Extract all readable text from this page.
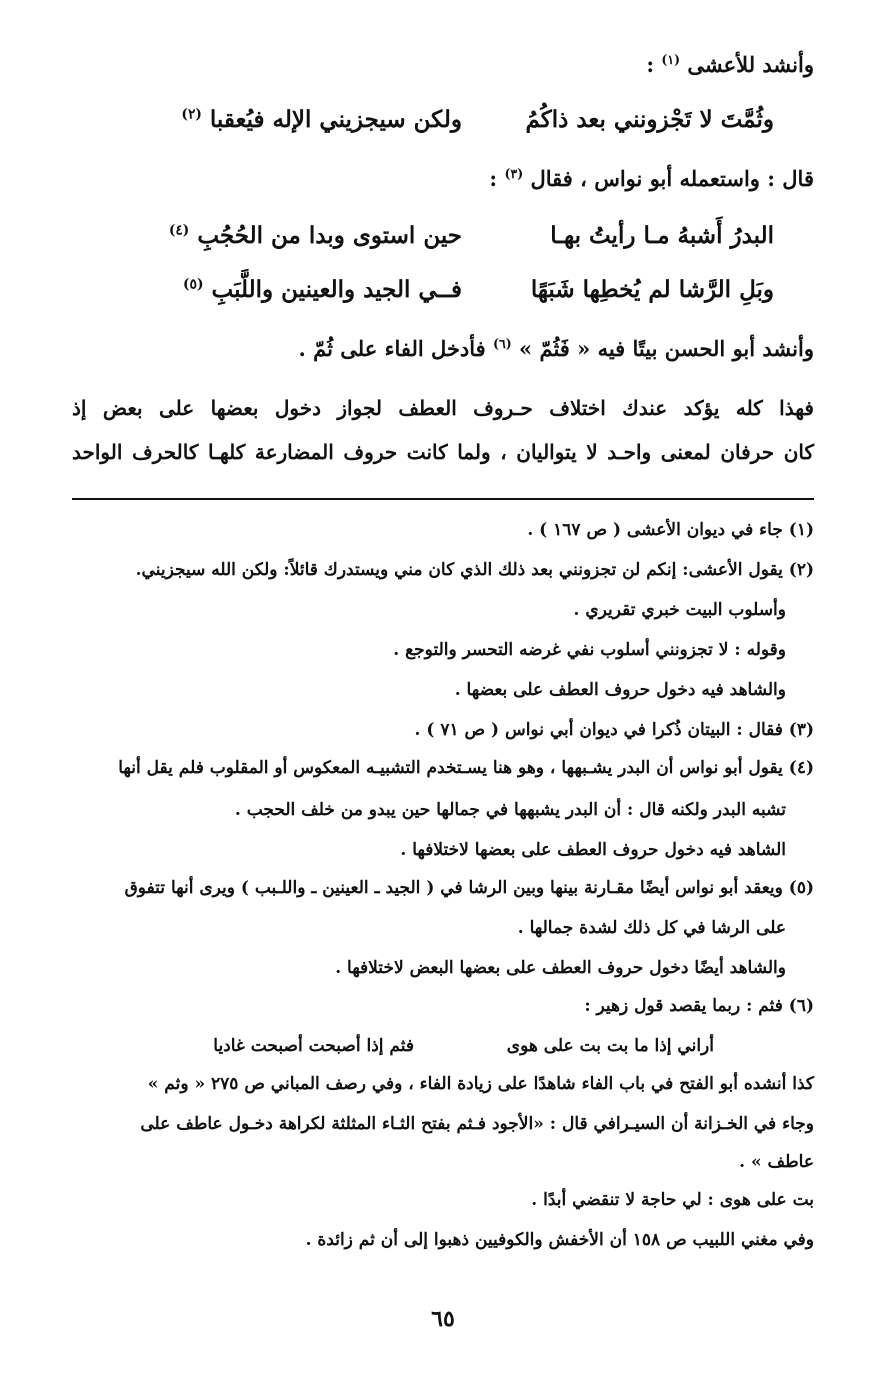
وأنشد للأعشى $^{(١)}$ :
وثُمَّتَ لا تَجْزونني بعد ذاكُمُ
ولكن سيجزيني الإله فيُعقبا $^{(٢)}$
قال : واستعمله أبو نواس ، فقال $^{(٣)}$ :
البدرُ أَشبهُ مـا رأيتُ بهـا
حين استوى وبدا من الحُجُبِ $^{(٤)}$
وبَلِ الرَّشا لم يُخطِها شَبَهًا
فــي الجيد والعينين واللَّبَبِ $^{(٥)}$
وأنشد أبو الحسن بيتًا فيه « فَثُمّ » $^{(٦)}$ فأدخل الفاء على ثُمّ .
فهذا كله يؤكد عندك اختلاف حـروف العطف لجواز دخول بعضها على بعض إذ
كان حرفان لمعنى واحـد لا يتواليان ، ولما كانت حروف المضارعة كلهـا كالحرف الواحد
(١) جاء في ديوان الأعشى ( ص ١٦٧ ) .
(٢) يقول الأعشى: إنكم لن تجزونني بعد ذلك الذي كان مني ويستدرك قائلاً: ولكن الله سيجزيني.
وأسلوب البيت خبري تقريري .
وقوله : لا تجزونني أسلوب نفي غرضه التحسر والتوجع .
والشاهد فيه دخول حروف العطف على بعضها .
(٣) فقال : البيتان ذُكرا في ديوان أبي نواس ( ص ٧١ ) .
(٤) يقول أبو نواس أن البدر يشـبهها ، وهو هنا يسـتخدم التشبيـه المعكوس أو المقلوب فلم يقل أنها
تشبه البدر ولكنه قال : أن البدر يشبهها في جمالها حين يبدو من خلف الحجب .
الشاهد فيه دخول حروف العطف على بعضها لاختلافها .
(٥) ويعقد أبو نواس أيضًا مقـارنة بينها وبين الرشا في ( الجيد ـ العينين ـ واللـبب ) ويرى أنها تتفوق
على الرشا في كل ذلك لشدة جمالها .
والشاهد أيضًا دخول حروف العطف على بعضها البعض لاختلافها .
(٦) فثم : ربما يقصد قول زهير :
أراني إذا ما بت بت على هوى
فثم إذا أصبحت أصبحت غاديا
كذا أنشده أبو الفتح في باب الفاء شاهدًا على زيادة الفاء ، وفي رصف المباني ص ٢٧٥ « وثم »
وجاء في الخـزانة أن السيـرافي قال : «الأجود فـثم بفتح الثـاء المثلثة لكراهة دخـول عاطف على
عاطف » .
بت على هوى : لي حاجة لا تنقضي أبدًا .
وفي مغني اللبيب ص ١٥٨ أن الأخفش والكوفيين ذهبوا إلى أن ثم زائدة .
٦٥
